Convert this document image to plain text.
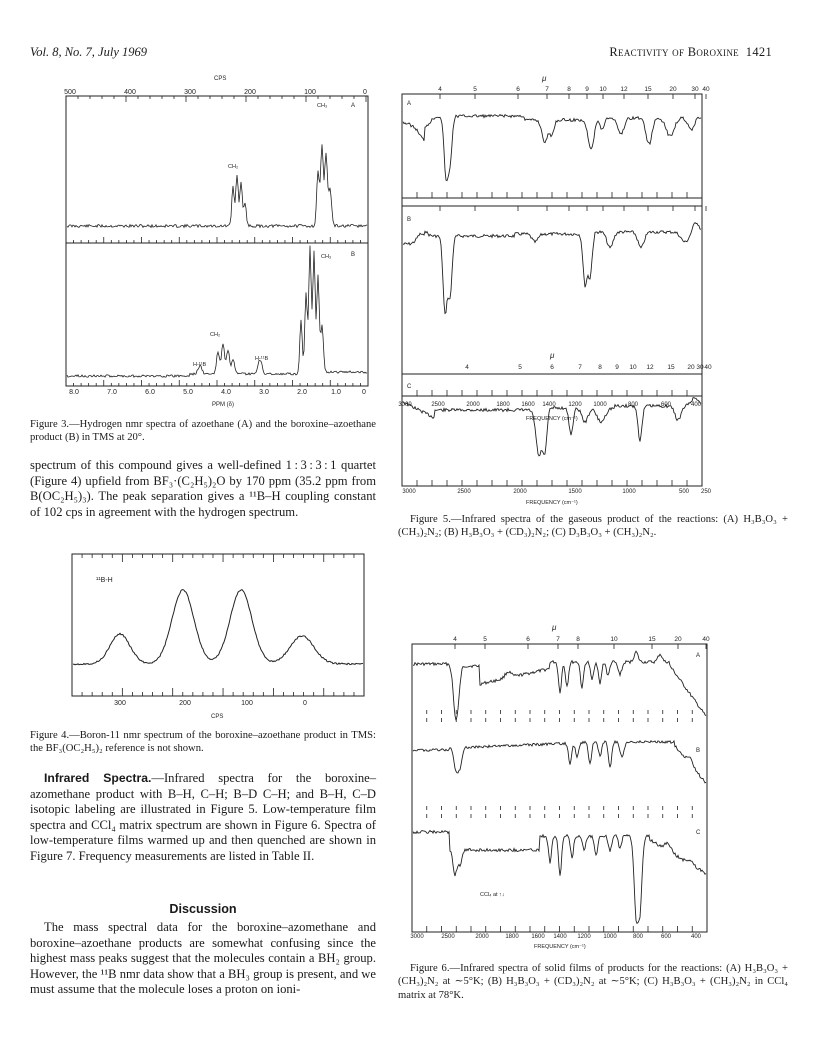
Vol. 8, No. 7, July 1969	Reactivity of Boroxine 1421
CPS
500	400	300	200	100	0
A
CH₃
CH₂
B
CH₃
CH₂
H-¹¹B
H-¹¹B
8.0	7.0	6.0	5.0	4.0	3.0	2.0	1.0	0
PPM (δ)
Figure 3.—Hydrogen nmr spectra of azoethane (A) and the boroxine–azoethane product (B) in TMS at 20°.

spectrum of this compound gives a well-defined 1 : 3 : 3 : 1 quartet (Figure 4) upfield from BF₃·(C₂H₅)₂O by 170 ppm (35.2 ppm from B(OC₂H₅)₃). The peak separation gives a ¹¹B–H coupling constant of 102 cps in agreement with the hydrogen spectrum.

¹¹B-H
300	200	100	0
CPS
Figure 4.—Boron-11 nmr spectrum of the boroxine–azoethane product in TMS: the BF₃(OC₂H₅)₂ reference is not shown.

Infrared Spectra.—Infrared spectra for the boroxine–azomethane product with B–H, C–H; B–D C–H; and B–H, C–D isotopic labeling are illustrated in Figure 5. Low-temperature film spectra and CCl₄ matrix spectrum are shown in Figure 6. Spectra of low-temperature films warmed up and then quenched are shown in Figure 7. Frequency measurements are listed in Table II.

Discussion

The mass spectral data for the boroxine–azomethane and boroxine–azoethane products are somewhat confusing since the highest mass peaks suggest that the molecules contain a BH₂ group. However, the ¹¹B nmr data show that a BH₃ group is present, and we must assume that the molecule loses a proton on ioni-

μ
4	5	6	7	8 9 10 12	15	20 30 40
A
B
3000	2500	2000	1800 1600 1400 1200 1000	800	600	400
FREQUENCY (cm⁻¹)
μ
4	5	6	7	8 9 10 12 15 20 30 40
C
3000	2500	2000	1500	1000	500 250
FREQUENCY (cm⁻¹)
Figure 5.—Infrared spectra of the gaseous product of the reactions: (A) H₃B₃O₃ + (CH₃)₂N₂; (B) H₃B₃O₃ + (CD₃)₂N₂; (C) D₃B₃O₃ + (CH₃)₂N₂.
μ
4	5	6	7	8	10	15	20	40
A
B
C
CCl₄ at ↑↓
3000	2500	2000	1800 1600 1400 1200 1000	800	600	400
FREQUENCY (cm⁻¹)
Figure 6.—Infrared spectra of solid films of products for the reactions: (A) H₃B₃O₃ + (CH₃)₂N₂ at ∼5°K; (B) H₃B₃O₃ + (CD₃)₂N₂ at ∼5°K; (C) H₃B₃O₃ + (CH₃)₂N₂ in CCl₄ matrix at 78°K.
